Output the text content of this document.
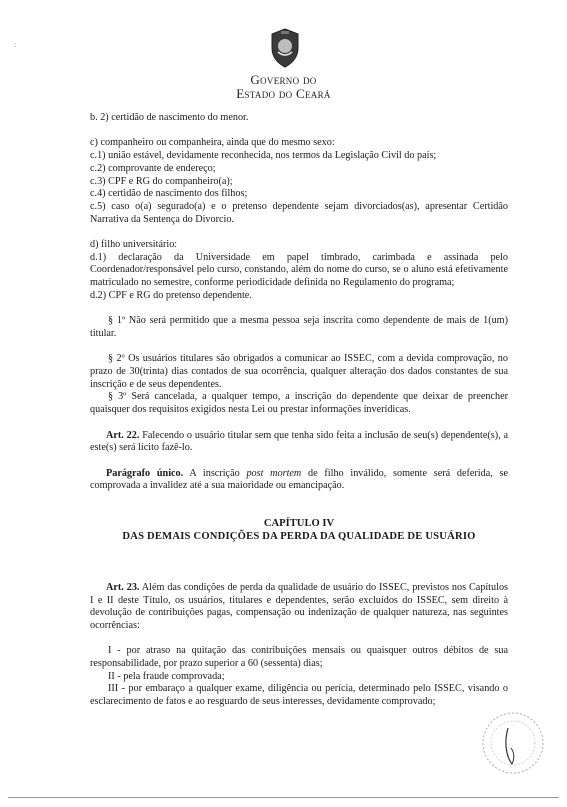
:
Governo do
Estado do Ceará

b. 2) certidão de nascimento do menor.

c) companheiro ou companheira, ainda que do mesmo sexo:

c.1) união estável, devidamente reconhecida, nos termos da Legislação Civil do país;

c.2) comprovante de endereço;

c.3) CPF e RG do companheiro(a);

c.4) certidão de nascimento dos filhos;

c.5) caso o(a) segurado(a) e o pretenso dependente sejam divorciados(as), apresentar Certidão Narrativa da Sentença do Divorcio.

d) filho universitário:

d.1) declaração da Universidade em papel timbrado, carimbada e assinada pelo Coordenador/responsável pelo curso, constando, além do nome do curso, se o aluno está efetivamente matriculado no semestre, conforme periodicidade definida no Regulamento do programa;

d.2) CPF e RG do pretenso dependente.

§ 1º Não será permitido que a mesma pessoa seja inscrita como dependente de mais de 1(um) titular.

§ 2º Os usuários titulares são obrigados a comunicar ao ISSEC, com a devida comprovação, no prazo de 30(trinta) dias contados de sua ocorrência, qualquer alteração dos dados constantes de sua inscrição e de seus dependentes.

§ 3º Será cancelada, a qualquer tempo, a inscrição do dependente que deixar de preencher quaisquer dos requisitos exigidos nesta Lei ou prestar informações inverídicas.

Art. 22. Falecendo o usuário titular sem que tenha sido feita a inclusão de seu(s) dependente(s), a este(s) será lícito fazê-lo.

Parágrafo único. A inscrição post mortem de filho inválido, somente será deferida, se comprovada a invalidez até a sua maioridade ou emancipação.

CAPÍTULO IV

DAS DEMAIS CONDIÇÕES DA PERDA DA QUALIDADE DE USUÁRIO

Art. 23. Além das condições de perda da qualidade de usuário do ISSEC, previstos nos Capítulos I e II deste Título, os usuários, titulares e dependentes, serão excluídos do ISSEC, sem direito à devolução de contribuições pagas, compensação ou indenização de qualquer natureza, nas seguintes ocorrências:

I - por atraso na quitação das contribuições mensais ou quaisquer outros débitos de sua responsabilidade, por prazo superior a 60 (sessenta) dias;

II - pela fraude comprovada;

III - por embaraço a qualquer exame, diligência ou perícia, determinado pelo ISSEC, visando o esclarecimento de fatos e ao resguardo de seus interesses, devidamente comprovado;
